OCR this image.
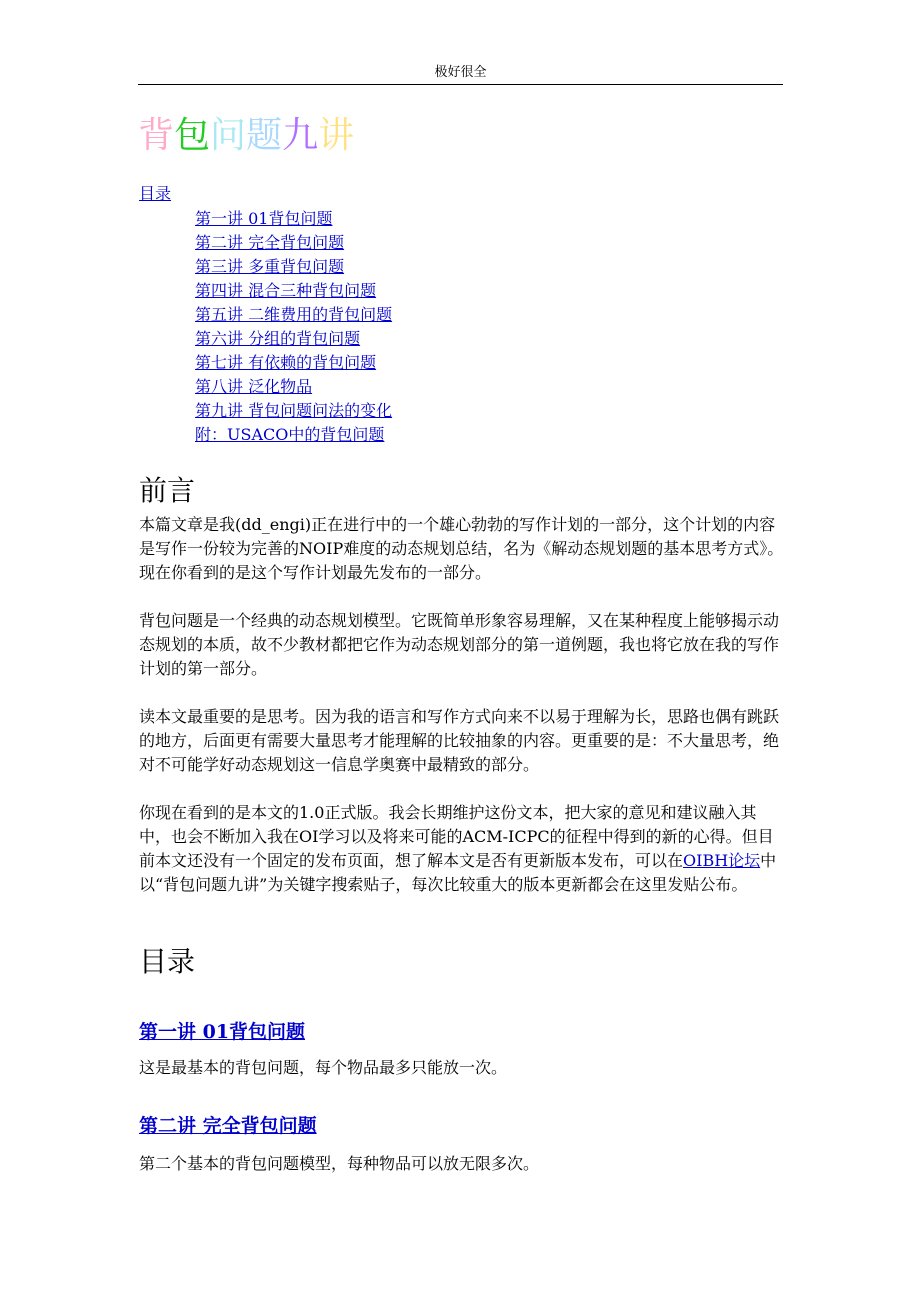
极好很全
背包问题九讲
目录
第一讲 01背包问题
第二讲 完全背包问题
第三讲 多重背包问题
第四讲 混合三种背包问题
第五讲 二维费用的背包问题
第六讲 分组的背包问题
第七讲 有依赖的背包问题
第八讲 泛化物品
第九讲 背包问题问法的变化
附：USACO中的背包问题
前言

本篇文章是我(dd_engi)正在进行中的一个雄心勃勃的写作计划的一部分，这个计划的内容是写作一份较为完善的NOIP难度的动态规划总结，名为《解动态规划题的基本思考方式》。现在你看到的是这个写作计划最先发布的一部分。

背包问题是一个经典的动态规划模型。它既简单形象容易理解，又在某种程度上能够揭示动态规划的本质，故不少教材都把它作为动态规划部分的第一道例题，我也将它放在我的写作计划的第一部分。

读本文最重要的是思考。因为我的语言和写作方式向来不以易于理解为长，思路也偶有跳跃的地方，后面更有需要大量思考才能理解的比较抽象的内容。更重要的是：不大量思考，绝对不可能学好动态规划这一信息学奥赛中最精致的部分。

你现在看到的是本文的1.0正式版。我会长期维护这份文本，把大家的意见和建议融入其中，也会不断加入我在OI学习以及将来可能的ACM-ICPC的征程中得到的新的心得。但目前本文还没有一个固定的发布页面，想了解本文是否有更新版本发布，可以在OIBH论坛中以“背包问题九讲”为关键字搜索贴子，每次比较重大的版本更新都会在这里发贴公布。

目录
第一讲 01背包问题

这是最基本的背包问题，每个物品最多只能放一次。

第二讲 完全背包问题

第二个基本的背包问题模型，每种物品可以放无限多次。
